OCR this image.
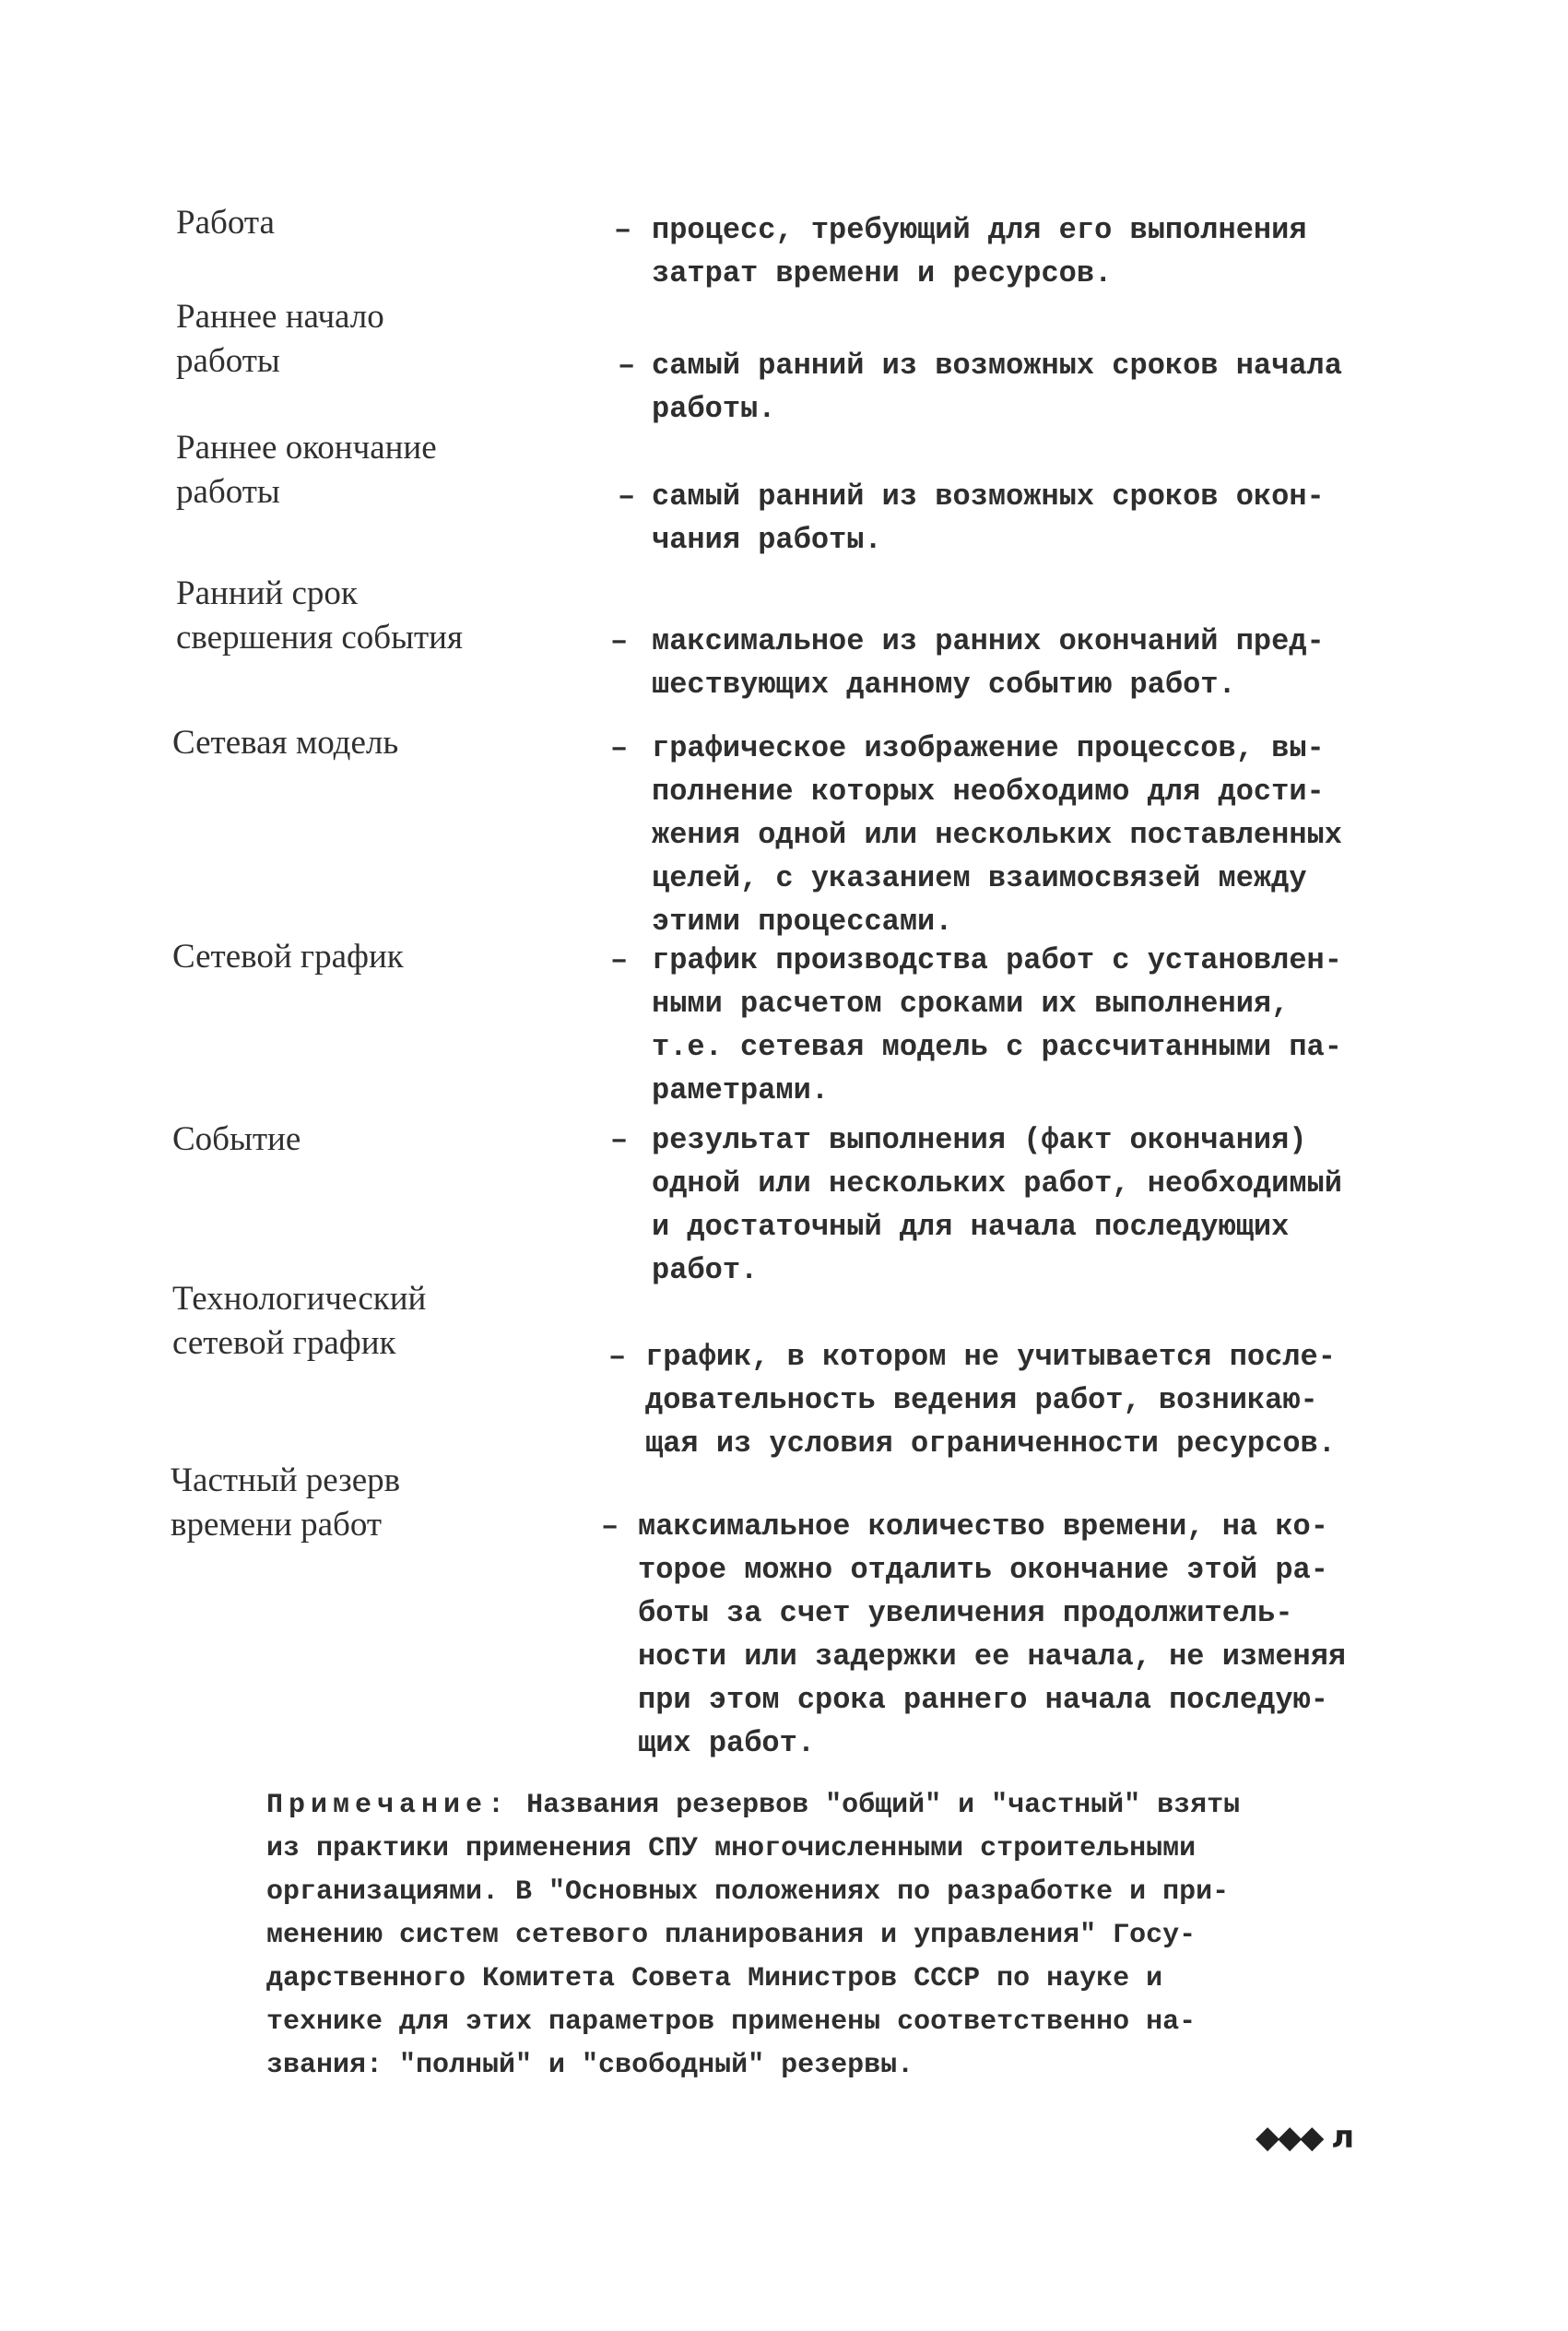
Работа	– процесс, требующий для его выполнения
затрат времени и ресурсов.
Раннее начало
работы	– самый ранний из возможных сроков начала
работы.
Раннее окончание
работы	– самый ранний из возможных сроков окон-
чания работы.
Ранний срок
свершения события	– максимальное из ранних окончаний пред-
шествующих данному событию работ.
Сетевая модель	– графическое изображение процессов, вы-
полнение которых необходимо для дости-
жения одной или нескольких поставленных
целей, с указанием взаимосвязей между
этими процессами.
Сетевой график	– график производства работ с установлен-
ными расчетом сроками их выполнения,
т.е. сетевая модель с рассчитанными па-
раметрами.
Событие	– результат выполнения (факт окончания)
одной или нескольких работ, необходимый
и достаточный для начала последующих
работ.
Технологический
сетевой график	– график, в котором не учитывается после-
довательность ведения работ, возникаю-
щая из условия ограниченности ресурсов.
Частный резерв
времени работ	– максимальное количество времени, на ко-
торое можно отдалить окончание этой ра-
боты за счет увеличения продолжитель-
ности или задержки ее начала, не изменяя
при этом срока раннего начала последую-
щих работ.
Примечание: Названия резервов "общий" и "частный" взяты
из практики применения СПУ многочисленными строительными
организациями. В "Основных положениях по разработке и при-
менению систем сетевого планирования и управления" Госу-
дарственного Комитета Совета Министров СССР по науке и
технике для этих параметров применены соответственно на-
звания: "полный" и "свободный" резервы.
◆◆◆ л
